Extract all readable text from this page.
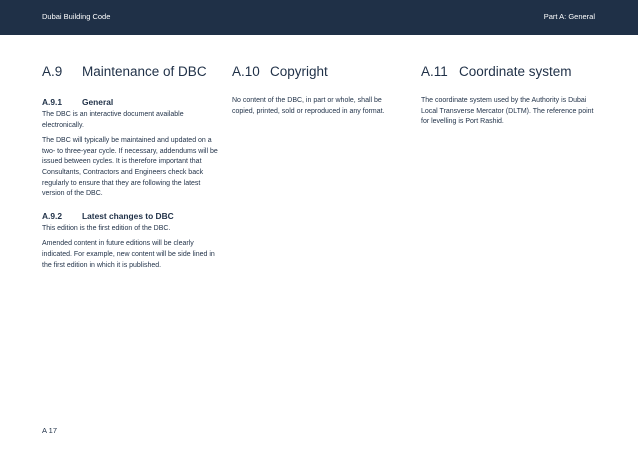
Dubai Building Code	Part A: General
A.9	Maintenance of DBC
A.9.1	General

The DBC is an interactive document available electronically.

The DBC will typically be maintained and updated on a two- to three-year cycle. If necessary, addendums will be issued between cycles. It is therefore important that Consultants, Contractors and Engineers check back regularly to ensure that they are following the latest version of the DBC.

A.9.2	Latest changes to DBC

This edition is the first edition of the DBC.

Amended content in future editions will be clearly indicated. For example, new content will be side lined in the first edition in which it is published.

A.10 Copyright

No content of the DBC, in part or whole, shall be copied, printed, sold or reproduced in any format.

A.11 Coordinate system

The coordinate system used by the Authority is Dubai Local Transverse Mercator (DLTM). The reference point for levelling is Port Rashid.

A 17
